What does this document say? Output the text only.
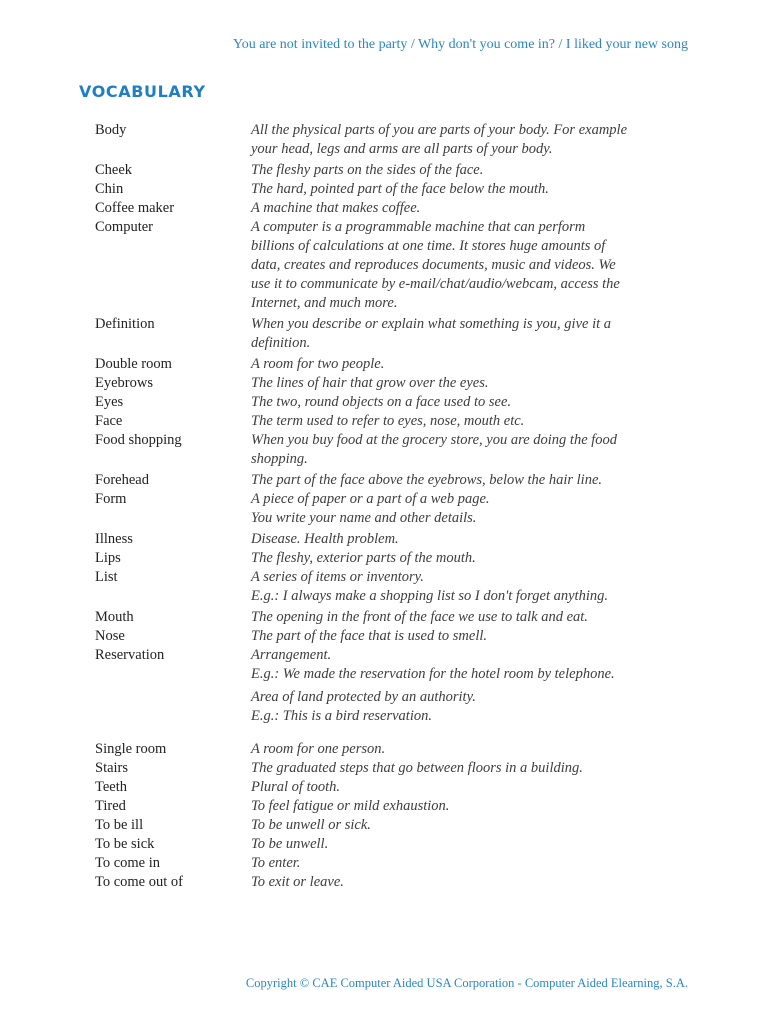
You are not invited to the party / Why don't you come in? / I liked your new song
VOCABULARY
Body	All the physical parts of you are parts of your body. For example
your head, legs and arms are all parts of your body.
Cheek	The fleshy parts on the sides of the face.
Chin	The hard, pointed part of the face below the mouth.
Coffee maker	A machine that makes coffee.
Computer	A computer is a programmable machine that can perform
billions of calculations at one time. It stores huge amounts of
data, creates and reproduces documents, music and videos. We
use it to communicate by e-mail/chat/audio/webcam, access the
Internet, and much more.
Definition	When you describe or explain what something is you, give it a
definition.
Double room	A room for two people.
Eyebrows	The lines of hair that grow over the eyes.
Eyes	The two, round objects on a face used to see.
Face	The term used to refer to eyes, nose, mouth etc.
Food shopping	When you buy food at the grocery store, you are doing the food
shopping.
Forehead	The part of the face above the eyebrows, below the hair line.
Form	A piece of paper or a part of a web page.
You write your name and other details.
Illness	Disease. Health problem.
Lips	The fleshy, exterior parts of the mouth.
List	A series of items or inventory.
E.g.: I always make a shopping list so I don't forget anything.
Mouth	The opening in the front of the face we use to talk and eat.
Nose	The part of the face that is used to smell.
Reservation	Arrangement.
E.g.: We made the reservation for the hotel room by telephone.
Area of land protected by an authority.
E.g.: This is a bird reservation.
Single room	A room for one person.
Stairs	The graduated steps that go between floors in a building.
Teeth	Plural of tooth.
Tired	To feel fatigue or mild exhaustion.
To be ill	To be unwell or sick.
To be sick	To be unwell.
To come in	To enter.
To come out of	To exit or leave.
Copyright © CAE Computer Aided USA Corporation - Computer Aided Elearning, S.A.
